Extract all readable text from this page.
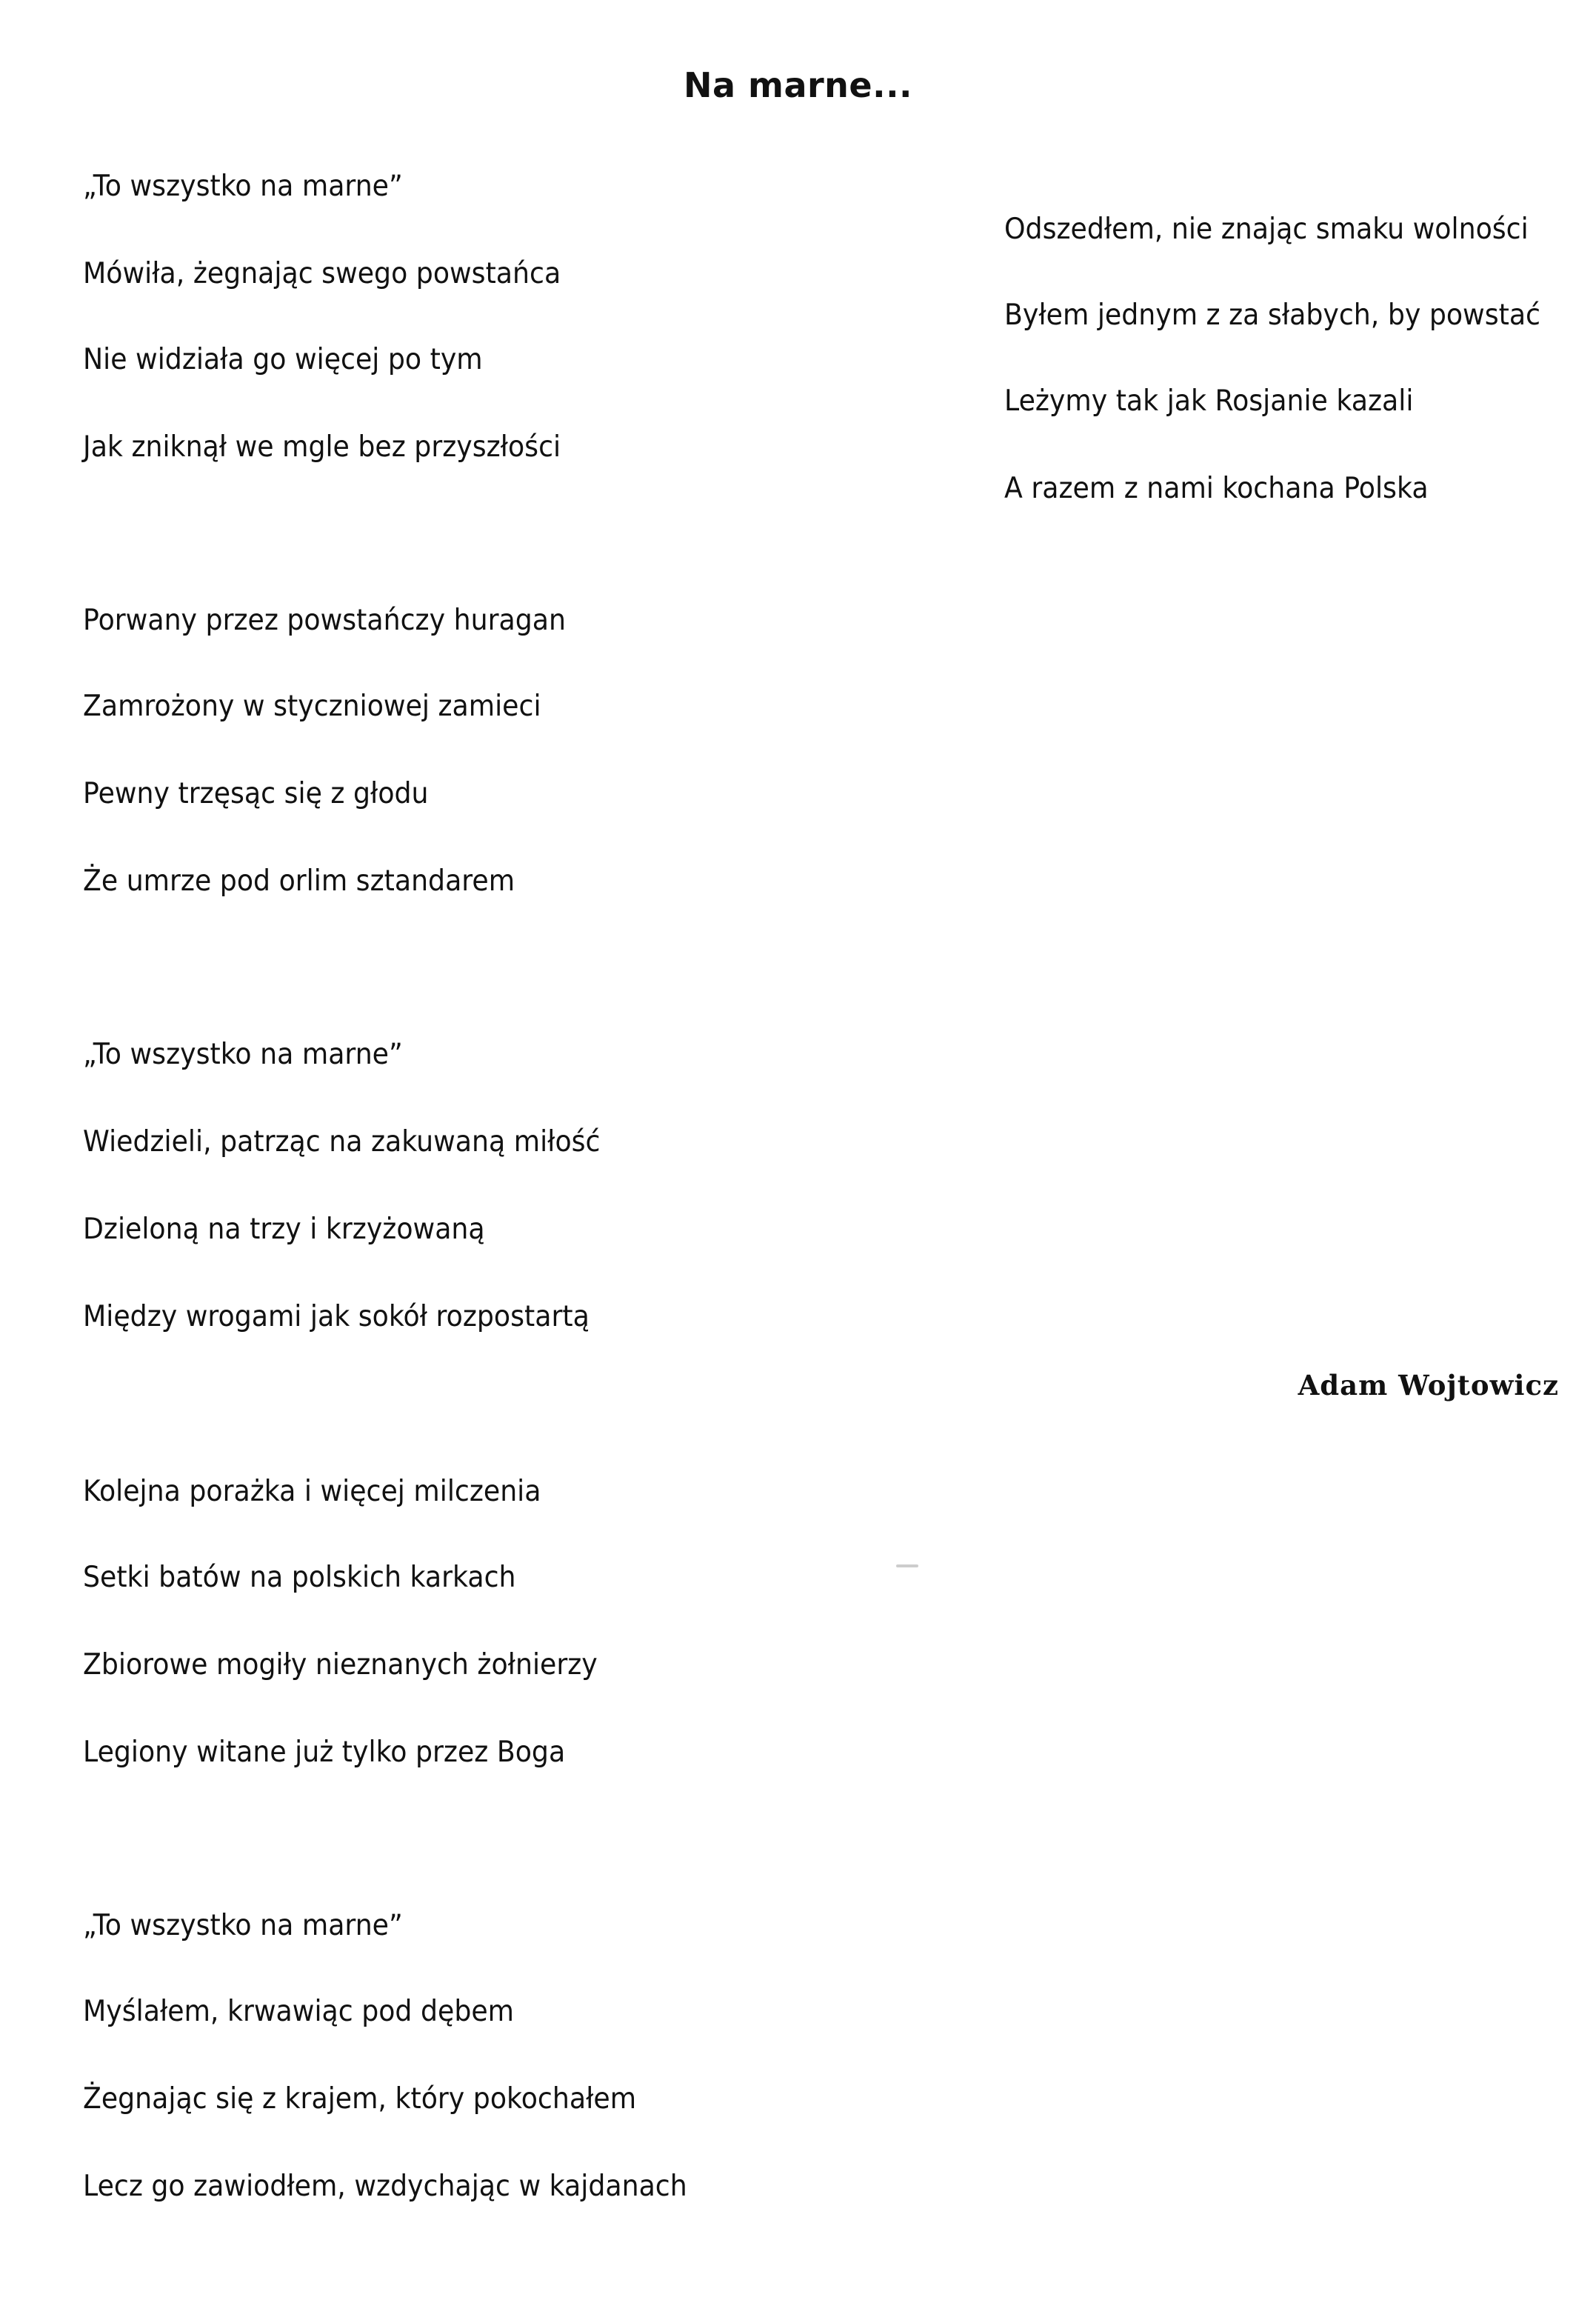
Na marne...
„To wszystko na marne”
Mówiła, żegnając swego powstańca
Nie widziała go więcej po tym
Jak zniknął we mgle bez przyszłości
Porwany przez powstańczy huragan
Zamrożony w styczniowej zamieci
Pewny trzęsąc się z głodu
Że umrze pod orlim sztandarem
„To wszystko na marne”
Wiedzieli, patrząc na zakuwaną miłość
Dzieloną na trzy i krzyżowaną
Między wrogami jak sokół rozpostartą
Kolejna porażka i więcej milczenia
Setki batów na polskich karkach
Zbiorowe mogiły nieznanych żołnierzy
Legiony witane już tylko przez Boga
„To wszystko na marne”
Myślałem, krwawiąc pod dębem
Żegnając się z krajem, który pokochałem
Lecz go zawiodłem, wzdychając w kajdanach
Odszedłem, nie znając smaku wolności
Byłem jednym z za słabych, by powstać
Leżymy tak jak Rosjanie kazali
A razem z nami kochana Polska
Adam Wojtowicz
